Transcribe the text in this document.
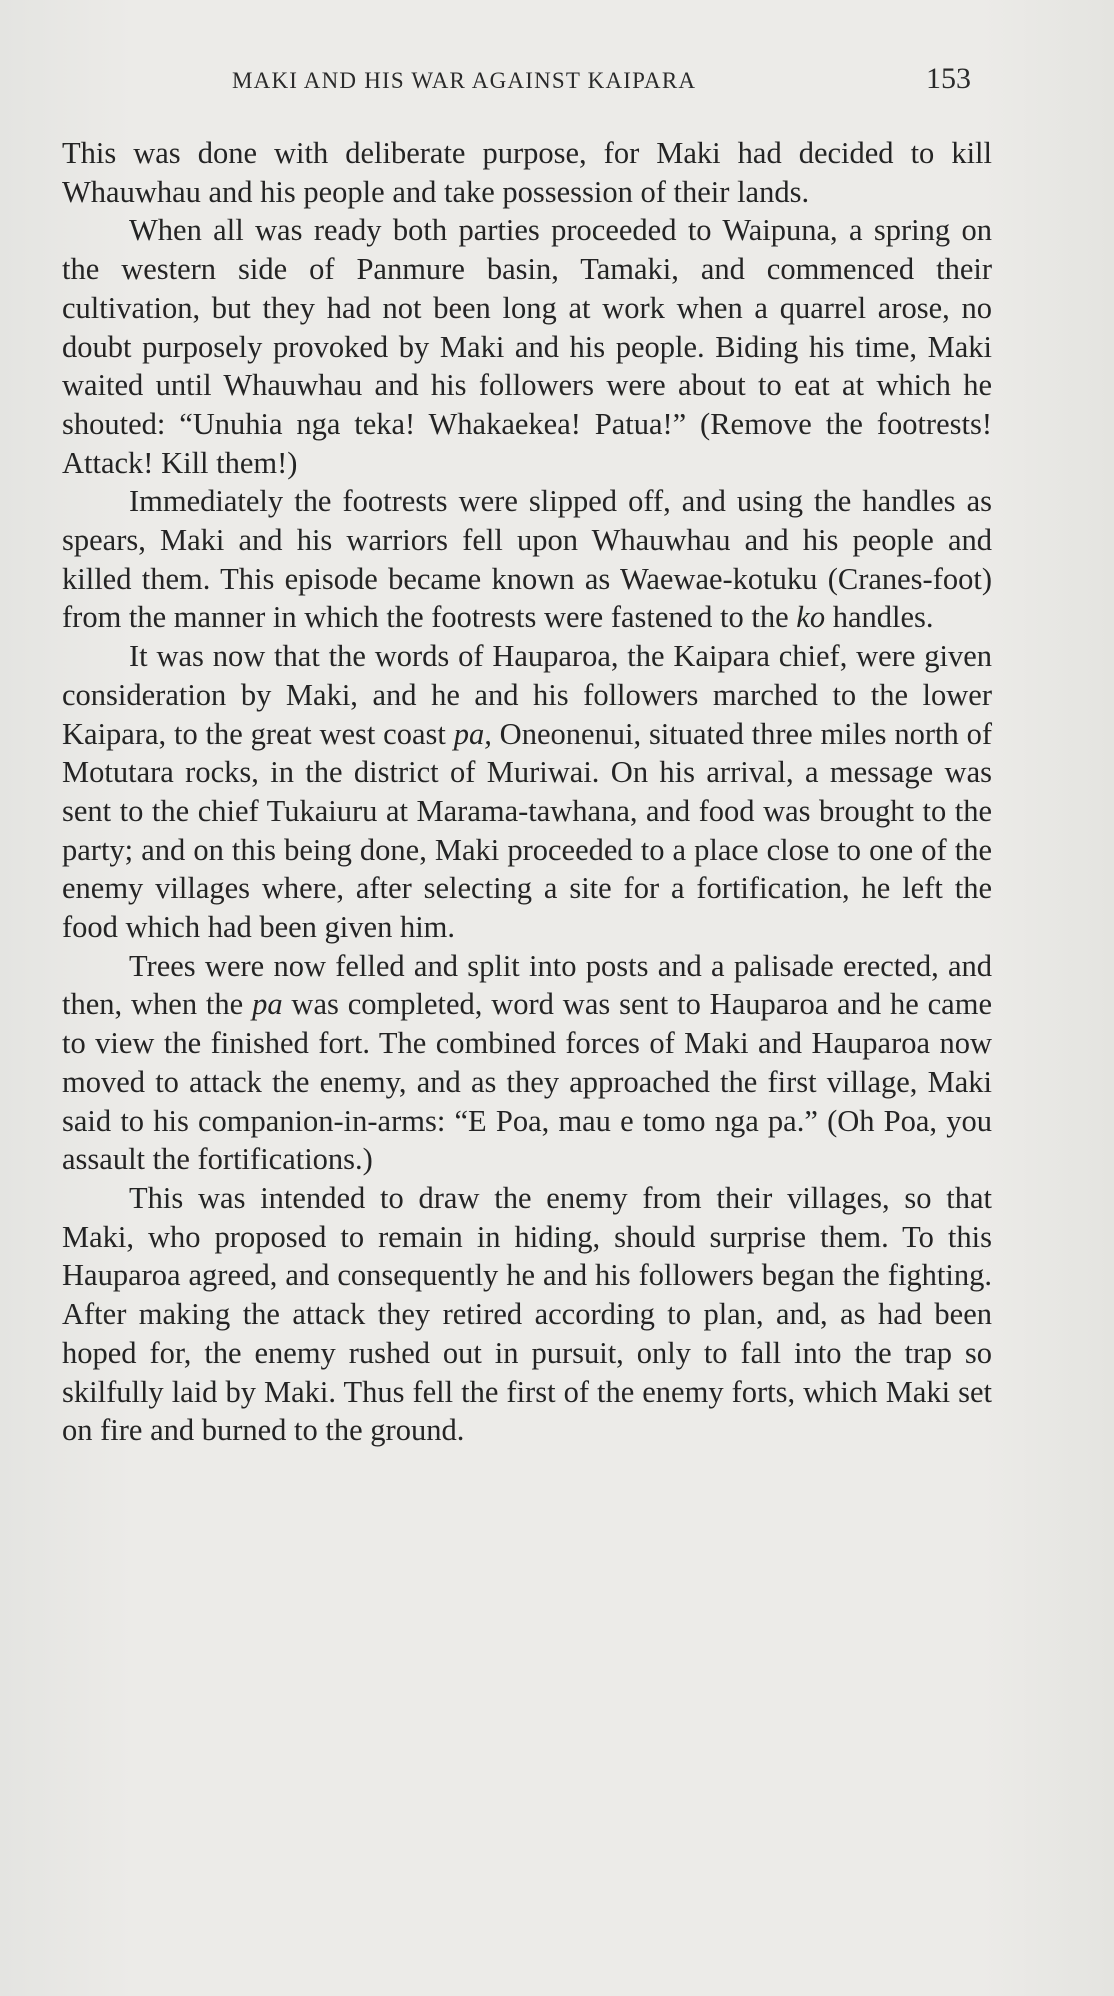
MAKI AND HIS WAR AGAINST KAIPARA	153

This was done with deliberate purpose, for Maki had decided to kill Whauwhau and his people and take possession of their lands.

When all was ready both parties proceeded to Waipuna, a spring on the western side of Panmure basin, Tamaki, and commenced their cultivation, but they had not been long at work when a quarrel arose, no doubt purposely provoked by Maki and his people. Biding his time, Maki waited until Whauwhau and his followers were about to eat at which he shouted: “Unuhia nga teka! Whakaekea! Patua!” (Remove the footrests! Attack! Kill them!)

Immediately the footrests were slipped off, and using the handles as spears, Maki and his warriors fell upon Whauwhau and his people and killed them. This episode became known as Waewae-kotuku (Cranes-foot) from the manner in which the footrests were fastened to the ko handles.

It was now that the words of Hauparoa, the Kaipara chief, were given consideration by Maki, and he and his followers marched to the lower Kaipara, to the great west coast pa, Oneonenui, situated three miles north of Motutara rocks, in the district of Muriwai. On his arrival, a message was sent to the chief Tukaiuru at Marama-tawhana, and food was brought to the party; and on this being done, Maki proceeded to a place close to one of the enemy villages where, after selecting a site for a fortification, he left the food which had been given him.

Trees were now felled and split into posts and a palisade erected, and then, when the pa was completed, word was sent to Hauparoa and he came to view the finished fort. The combined forces of Maki and Hauparoa now moved to attack the enemy, and as they approached the first village, Maki said to his companion-in-arms: “E Poa, mau e tomo nga pa.” (Oh Poa, you assault the fortifications.)

This was intended to draw the enemy from their villages, so that Maki, who proposed to remain in hiding, should surprise them. To this Hauparoa agreed, and consequently he and his followers began the fighting. After making the attack they retired according to plan, and, as had been hoped for, the enemy rushed out in pursuit, only to fall into the trap so skilfully laid by Maki. Thus fell the first of the enemy forts, which Maki set on fire and burned to the ground.
